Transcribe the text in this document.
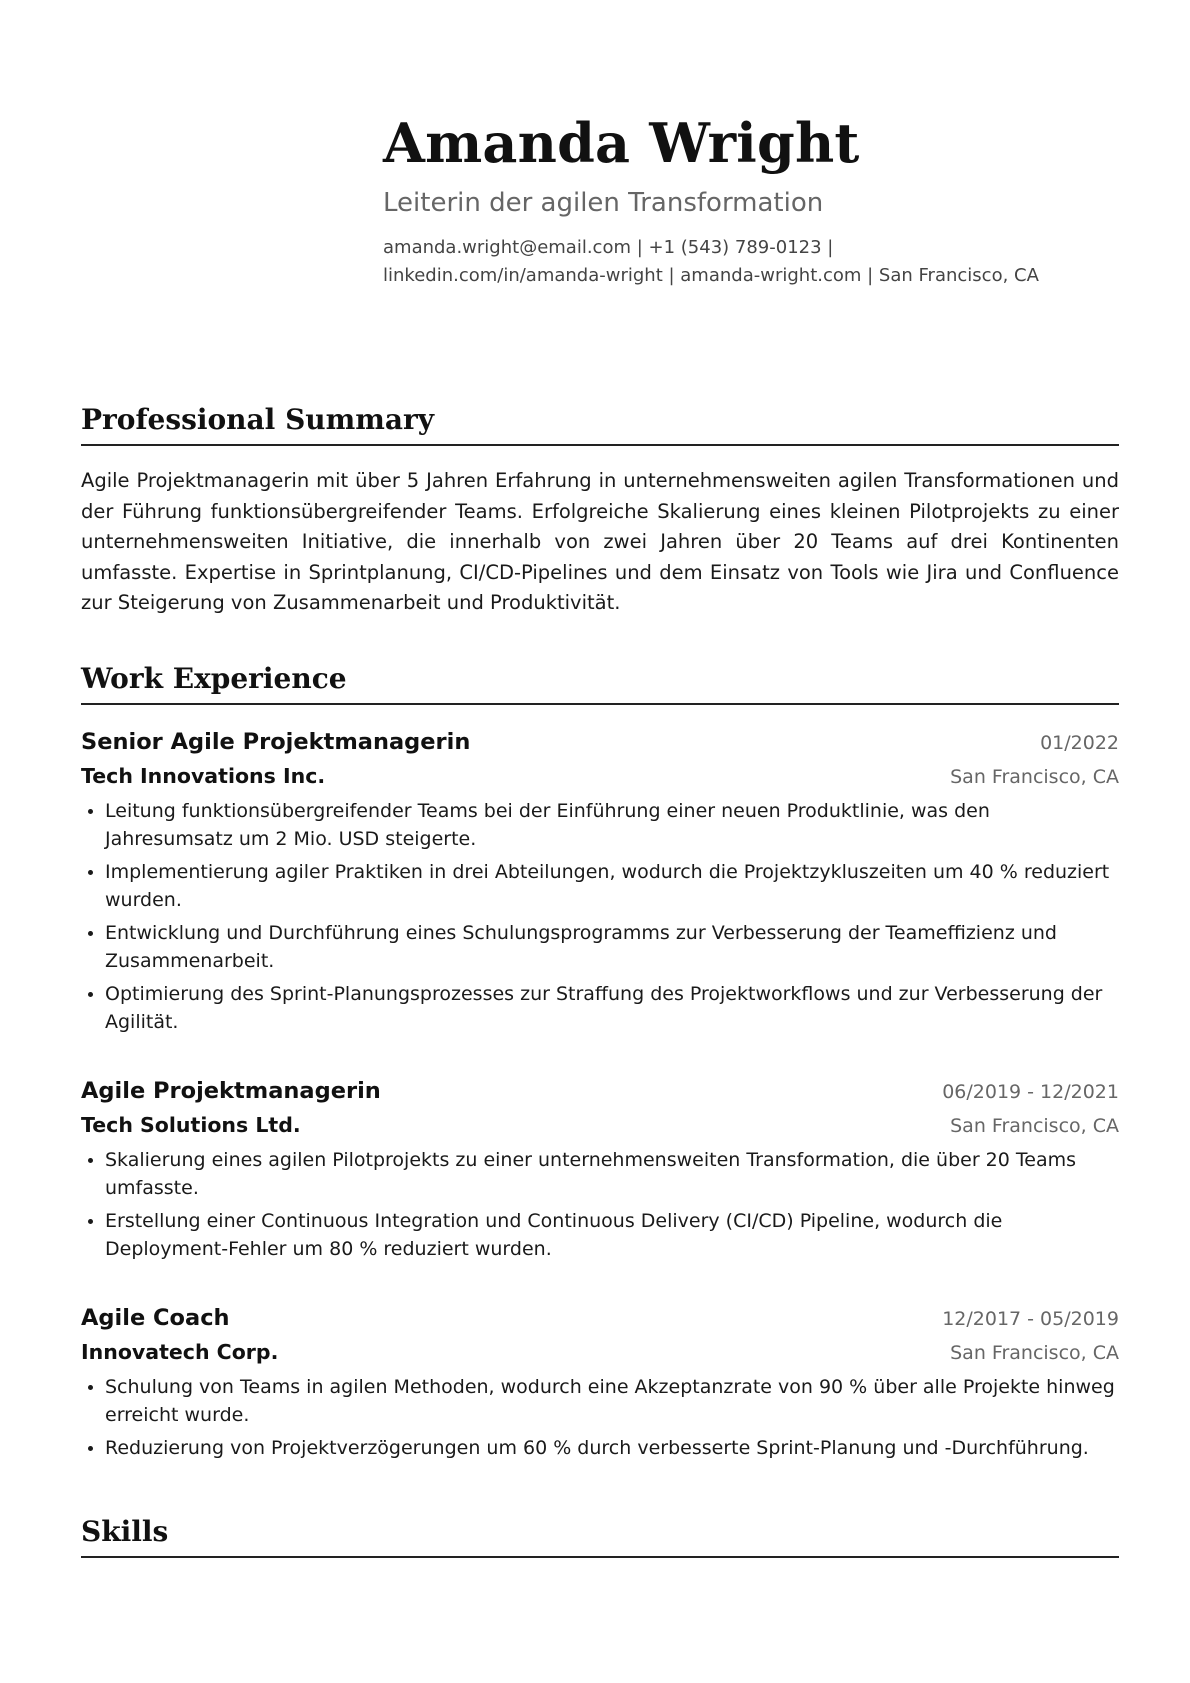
Amanda Wright
Leiterin der agilen Transformation
amanda.wright@email.com | +1 (543) 789-0123 |
linkedin.com/in/amanda-wright | amanda-wright.com | San Francisco, CA
Professional Summary
Agile Projektmanagerin mit über 5 Jahren Erfahrung in unternehmensweiten agilen Transformationen und der Führung funktionsübergreifender Teams. Erfolgreiche Skalierung eines kleinen Pilotprojekts zu einer unternehmensweiten Initiative, die innerhalb von zwei Jahren über 20 Teams auf drei Kontinenten umfasste. Expertise in Sprintplanung, CI/CD-Pipelines und dem Einsatz von Tools wie Jira und Confluence zur Steigerung von Zusammenarbeit und Produktivität.
Work Experience
Senior Agile Projektmanagerin	01/2022
Tech Innovations Inc.	San Francisco, CA
Leitung funktionsübergreifender Teams bei der Einführung einer neuen Produktlinie, was den Jahresumsatz um 2 Mio. USD steigerte.
Implementierung agiler Praktiken in drei Abteilungen, wodurch die Projektzykluszeiten um 40 % reduziert wurden.
Entwicklung und Durchführung eines Schulungsprogramms zur Verbesserung der Teameffizienz und Zusammenarbeit.
Optimierung des Sprint-Planungsprozesses zur Straffung des Projektworkflows und zur Verbesserung der Agilität.
Agile Projektmanagerin	06/2019 - 12/2021
Tech Solutions Ltd.	San Francisco, CA
Skalierung eines agilen Pilotprojekts zu einer unternehmensweiten Transformation, die über 20 Teams umfasste.
Erstellung einer Continuous Integration und Continuous Delivery (CI/CD) Pipeline, wodurch die Deployment-Fehler um 80 % reduziert wurden.
Agile Coach	12/2017 - 05/2019
Innovatech Corp.	San Francisco, CA
Schulung von Teams in agilen Methoden, wodurch eine Akzeptanzrate von 90 % über alle Projekte hinweg erreicht wurde.
Reduzierung von Projektverzögerungen um 60 % durch verbesserte Sprint-Planung und -Durchführung.
Skills
